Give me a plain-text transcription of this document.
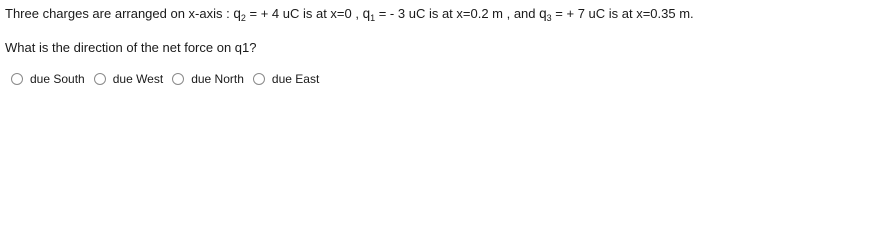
Three charges are arranged on x-axis : $q_2$ = + 4 uC is at x=0 , $q_1$ = - 3 uC is at x=0.2 m , and $q_3$ = + 7 uC is at x=0.35 m.
What is the direction of the net force on q1?
due South due West due North due East
